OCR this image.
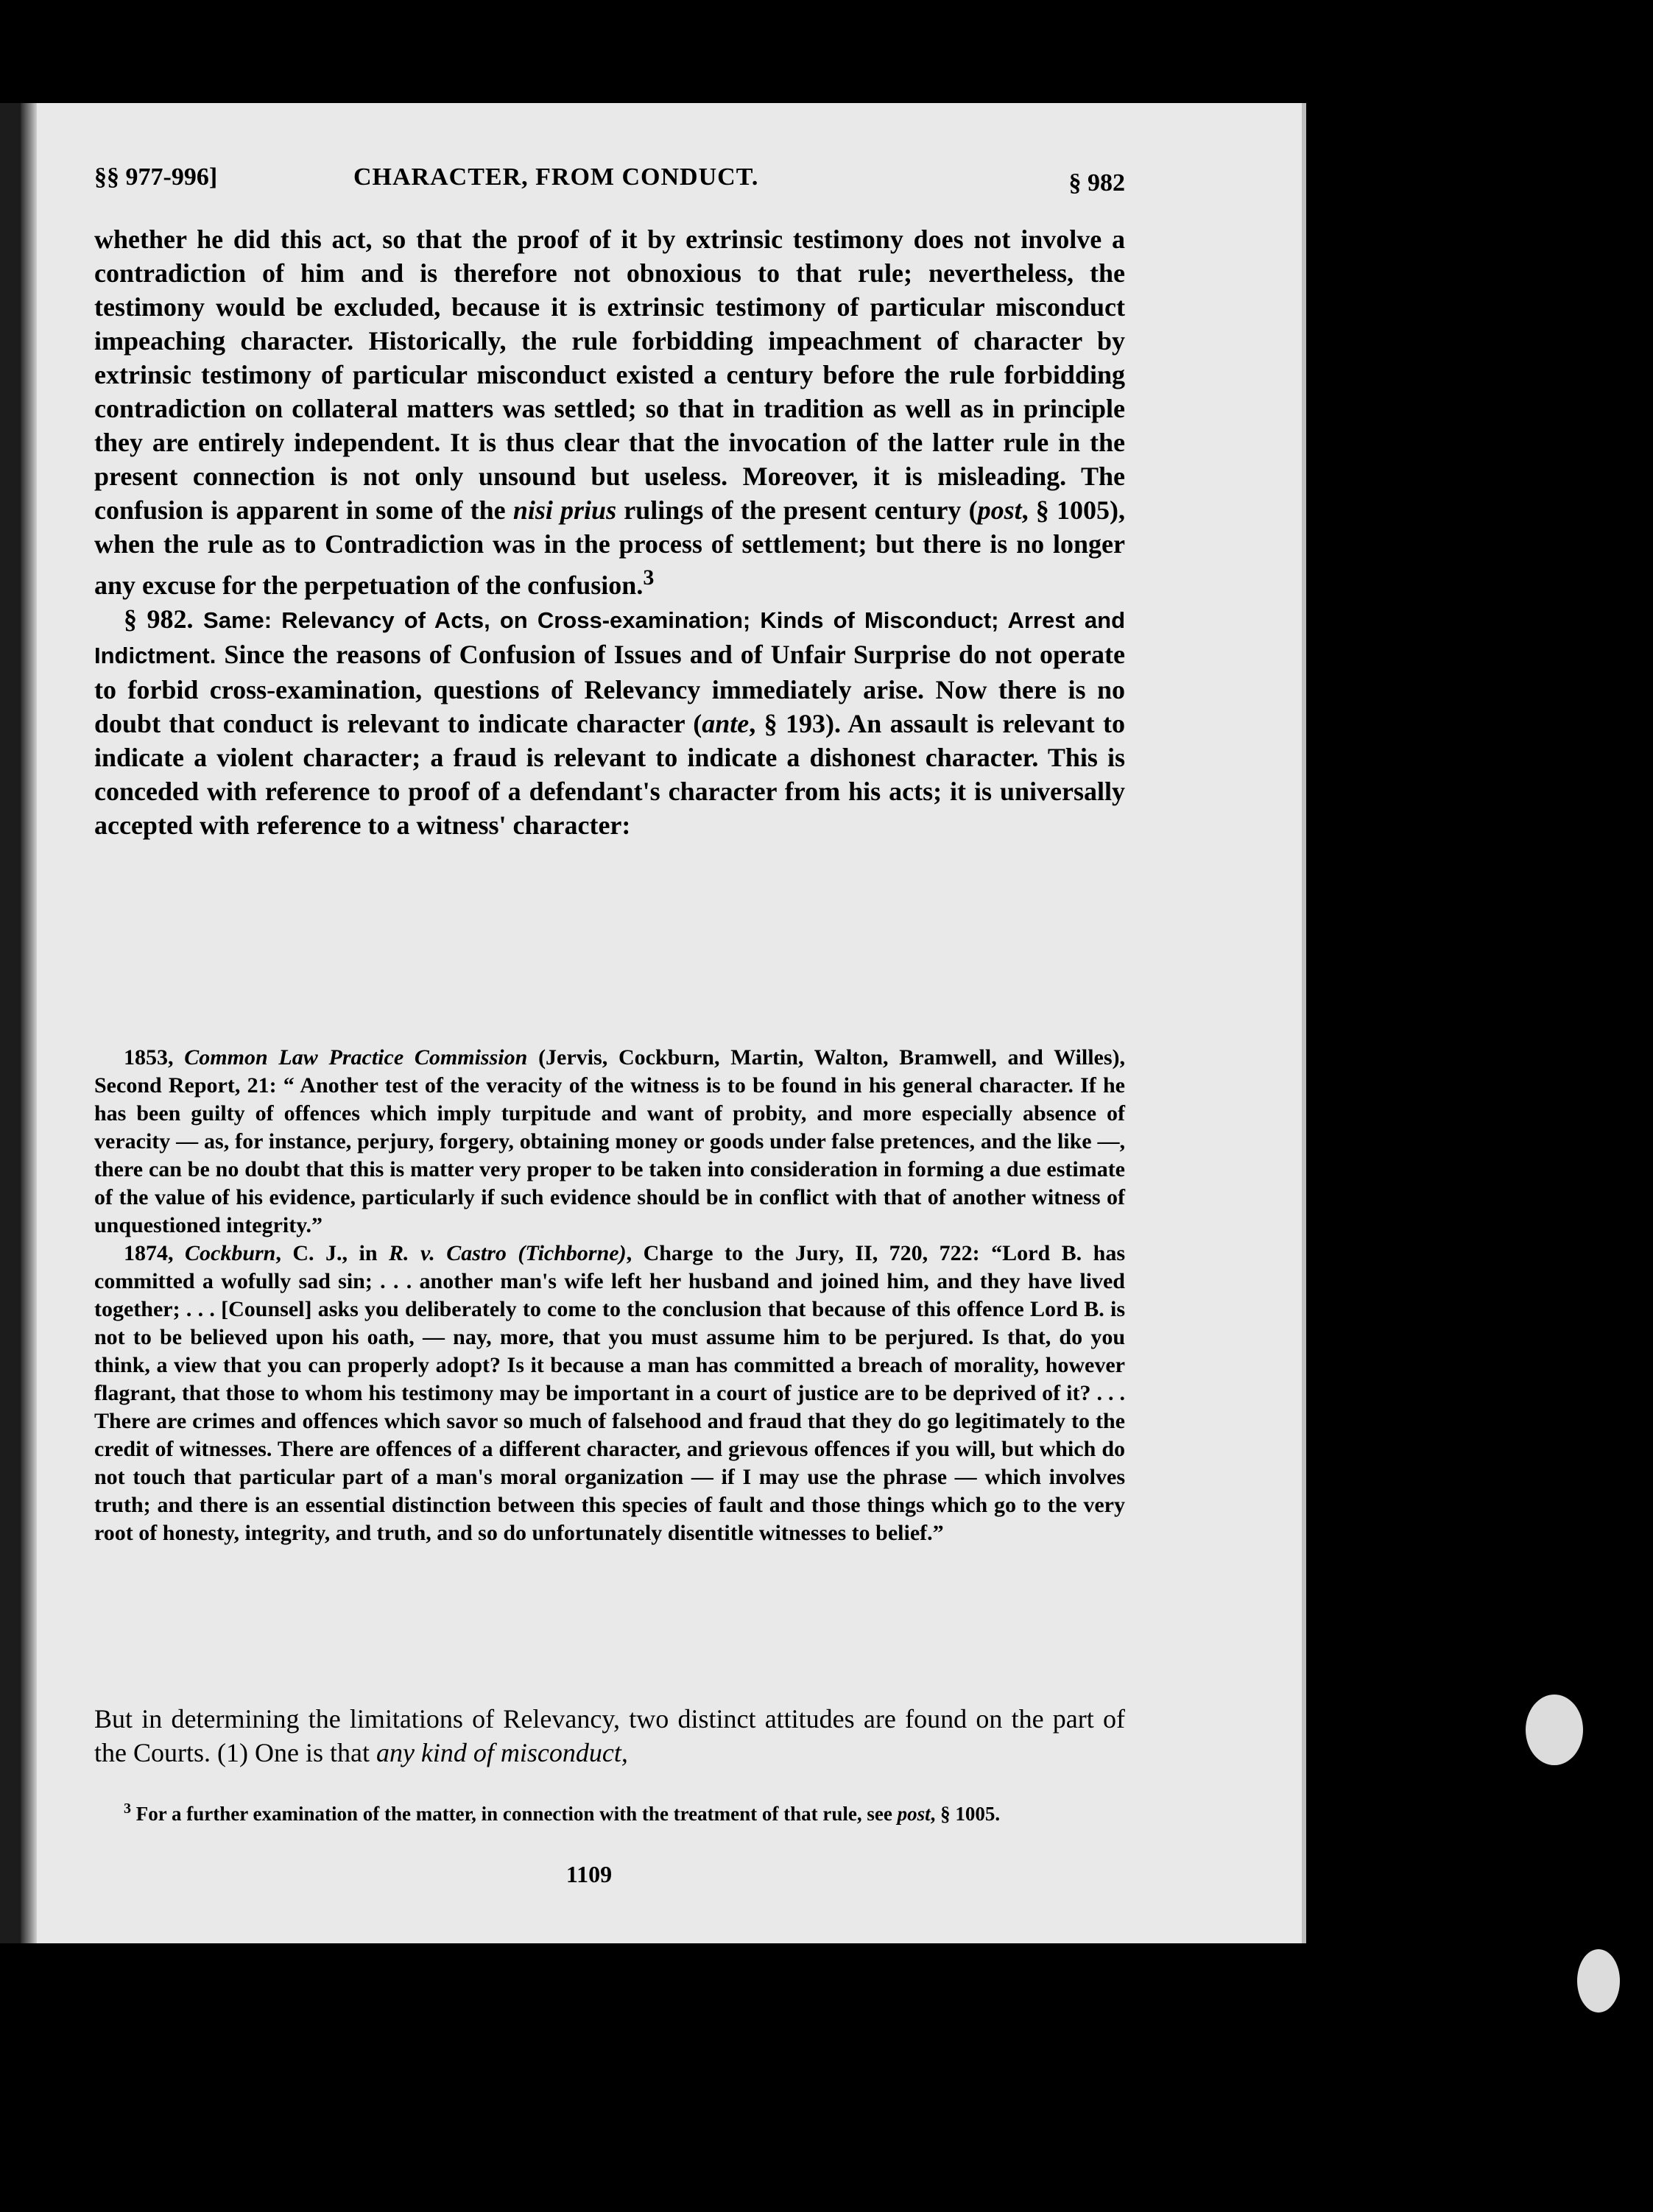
§§ 977-996]	CHARACTER, FROM CONDUCT.	§ 982

whether he did this act, so that the proof of it by extrinsic testimony does not involve a contradiction of him and is therefore not obnoxious to that rule; nevertheless, the testimony would be excluded, because it is extrinsic testimony of particular misconduct impeaching character. Historically, the rule forbidding impeachment of character by extrinsic testimony of particular misconduct existed a century before the rule forbidding contradiction on collateral matters was settled; so that in tradition as well as in principle they are entirely independent. It is thus clear that the invocation of the latter rule in the present connection is not only unsound but useless. Moreover, it is misleading. The confusion is apparent in some of the nisi prius rulings of the present century (post, § 1005), when the rule as to Contradiction was in the process of settlement; but there is no longer any excuse for the perpetuation of the confusion.$^3$

§ 982. Same: Relevancy of Acts, on Cross-examination; Kinds of Misconduct; Arrest and Indictment. Since the reasons of Confusion of Issues and of Unfair Surprise do not operate to forbid cross-examination, questions of Relevancy immediately arise. Now there is no doubt that conduct is relevant to indicate character (ante, § 193). An assault is relevant to indicate a violent character; a fraud is relevant to indicate a dishonest character. This is conceded with reference to proof of a defendant's character from his acts; it is universally accepted with reference to a witness' character:

1853, Common Law Practice Commission (Jervis, Cockburn, Martin, Walton, Bramwell, and Willes), Second Report, 21: “ Another test of the veracity of the witness is to be found in his general character. If he has been guilty of offences which imply turpitude and want of probity, and more especially absence of veracity — as, for instance, perjury, forgery, obtaining money or goods under false pretences, and the like —, there can be no doubt that this is matter very proper to be taken into consideration in forming a due estimate of the value of his evidence, particularly if such evidence should be in conflict with that of another witness of unquestioned integrity.”

1874, Cockburn, C. J., in R. v. Castro (Tichborne), Charge to the Jury, II, 720, 722: “Lord B. has committed a wofully sad sin; . . . another man's wife left her husband and joined him, and they have lived together; . . . [Counsel] asks you deliberately to come to the conclusion that because of this offence Lord B. is not to be believed upon his oath, — nay, more, that you must assume him to be perjured. Is that, do you think, a view that you can properly adopt? Is it because a man has committed a breach of morality, however flagrant, that those to whom his testimony may be important in a court of justice are to be deprived of it? . . . There are crimes and offences which savor so much of falsehood and fraud that they do go legitimately to the credit of witnesses. There are offences of a different character, and grievous offences if you will, but which do not touch that particular part of a man's moral organization — if I may use the phrase — which involves truth; and there is an essential distinction between this species of fault and those things which go to the very root of honesty, integrity, and truth, and so do unfortunately disentitle witnesses to belief.”

But in determining the limitations of Relevancy, two distinct attitudes are found on the part of the Courts. (1) One is that any kind of misconduct,

$^3$ For a further examination of the matter, in connection with the treatment of that rule, see post, § 1005.

1109
